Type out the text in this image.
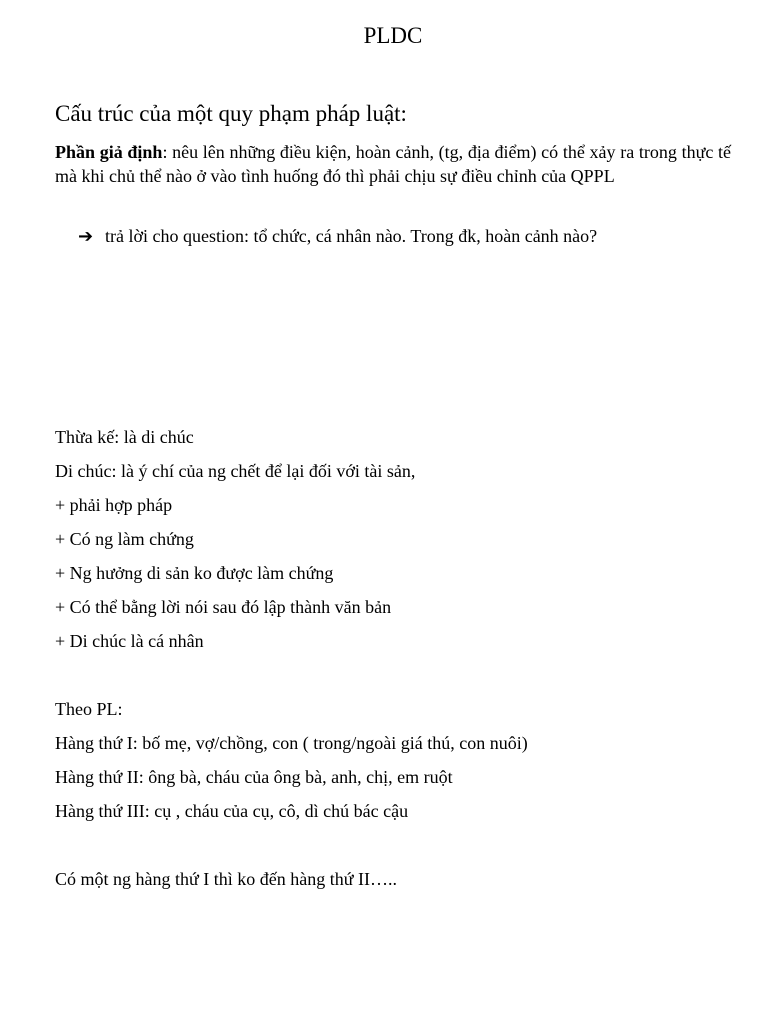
PLDC
Cấu trúc của một quy phạm pháp luật:
Phần giả định: nêu lên những điều kiện, hoàn cảnh, (tg, địa điểm) có thể xảy ra trong thực tế mà khi chủ thể nào ở vào tình huống đó thì phải chịu sự điều chỉnh của QPPL
➔ trả lời cho question: tổ chức, cá nhân nào. Trong đk, hoàn cảnh nào?
Thừa kế: là di chúc
Di chúc: là ý chí của ng chết để lại đối với tài sản,
+ phải hợp pháp
+ Có ng làm chứng
+ Ng hưởng di sản ko được làm chứng
+ Có thể bằng lời nói sau đó lập thành văn bản
+ Di chúc là cá nhân
Theo PL:
Hàng thứ I: bố mẹ, vợ/chồng, con ( trong/ngoài giá thú, con nuôi)
Hàng thứ II: ông bà, cháu của ông bà, anh, chị, em ruột
Hàng thứ III: cụ , cháu của cụ, cô, dì chú bác cậu
Có một ng hàng thứ I thì ko đến hàng thứ II…..
